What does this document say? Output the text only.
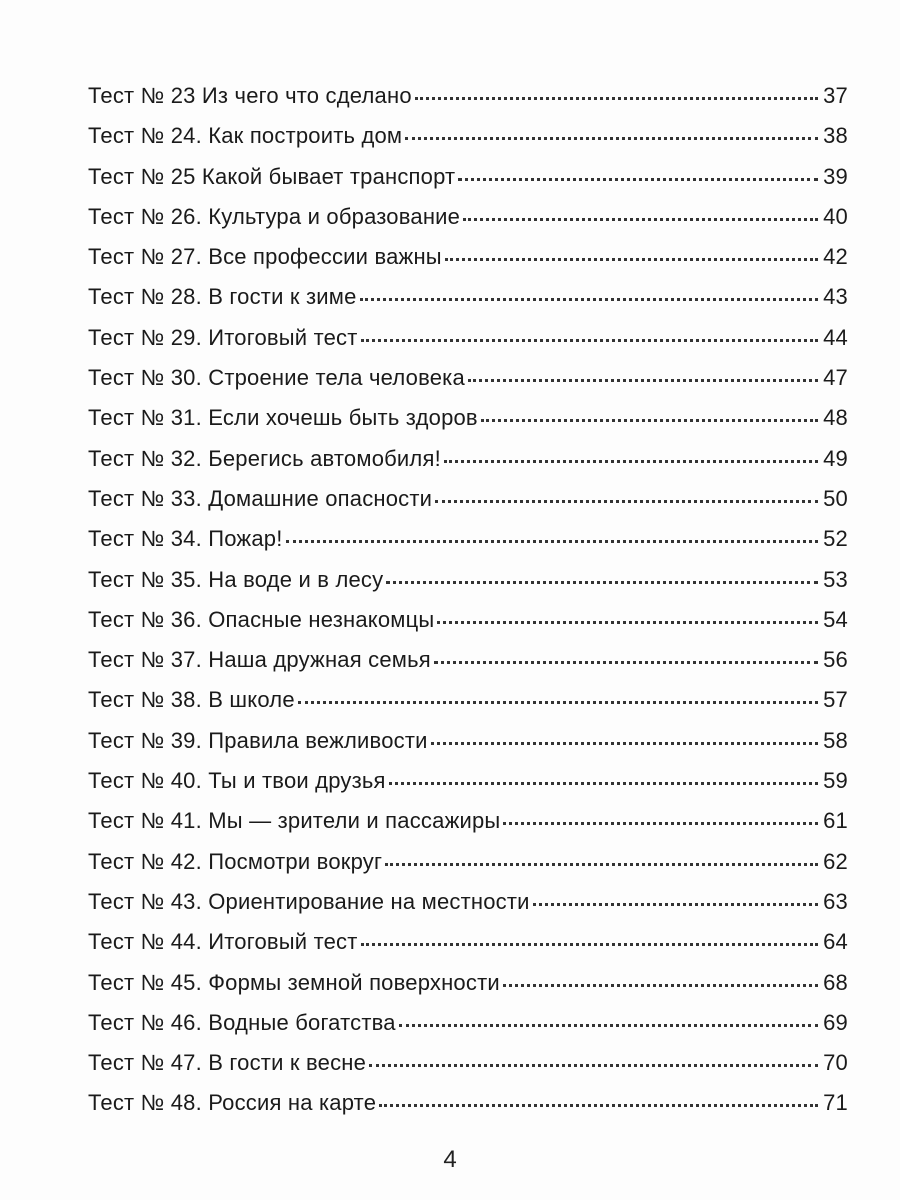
Тест № 23 Из чего что сделано	37
Тест № 24. Как построить дом	38
Тест № 25 Какой бывает транспорт	39
Тест № 26. Культура и образование	40
Тест № 27. Все профессии важны	42
Тест № 28. В гости к зиме	43
Тест № 29. Итоговый тест	44
Тест № 30. Строение тела человека	47
Тест № 31. Если хочешь быть здоров	48
Тест № 32. Берегись автомобиля!	49
Тест № 33. Домашние опасности	50
Тест № 34. Пожар!	52
Тест № 35. На воде и в лесу	53
Тест № 36. Опасные незнакомцы	54
Тест № 37. Наша дружная семья	56
Тест № 38. В школе	57
Тест № 39. Правила вежливости	58
Тест № 40. Ты и твои друзья	59
Тест № 41. Мы — зрители и пассажиры	61
Тест № 42. Посмотри вокруг	62
Тест № 43. Ориентирование на местности	63
Тест № 44. Итоговый тест	64
Тест № 45. Формы земной поверхности	68
Тест № 46. Водные богатства	69
Тест № 47. В гости к весне	70
Тест № 48. Россия на карте	71
4
